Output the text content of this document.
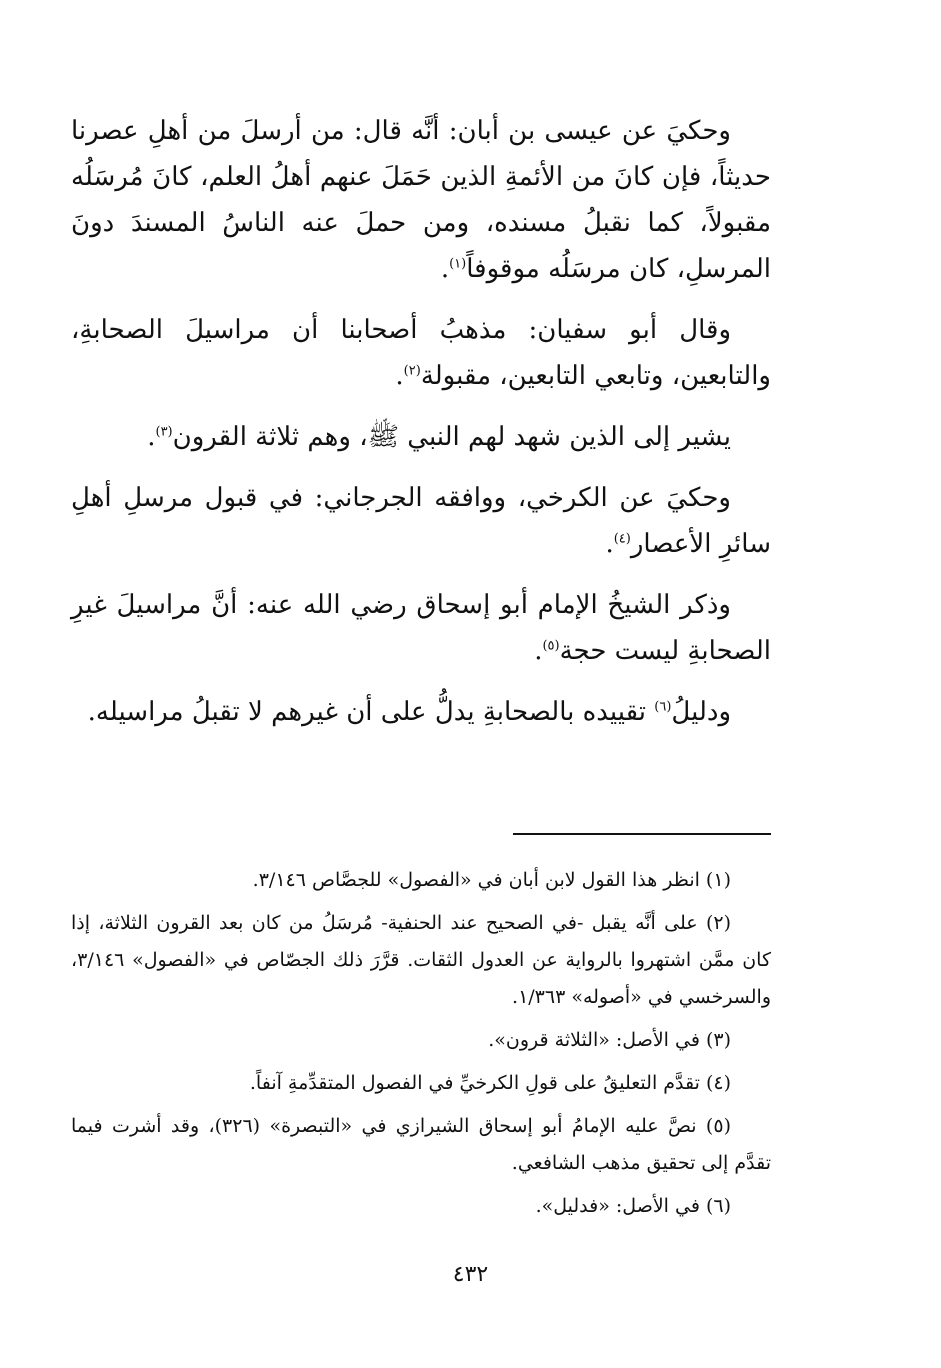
وحكيَ عن عيسى بن أبان: أنَّه قال: من أرسلَ من أهلِ عصرنا حديثاً، فإن كانَ من الأئمةِ الذين حَمَلَ عنهم أهلُ العلم، كانَ مُرسَلُه مقبولاً، كما نقبلُ مسنده، ومن حملَ عنه الناسُ المسندَ دونَ المرسلِ، كان مرسَلُه موقوفاً$^{(١)}$.

وقال أبو سفيان: مذهبُ أصحابنا أن مراسيلَ الصحابةِ، والتابعين، وتابعي التابعين، مقبولة$^{(٢)}$.

يشير إلى الذين شهد لهم النبي ﷺ، وهم ثلاثة القرون$^{(٣)}$.

وحكيَ عن الكرخي، ووافقه الجرجاني: في قبول مرسلِ أهلِ سائرِ الأعصار$^{(٤)}$.

وذكر الشيخُ الإمام أبو إسحاق رضي الله عنه: أنَّ مراسيلَ غيرِ الصحابةِ ليست حجة$^{(٥)}$.

ودليلُ$^{(٦)}$ تقييده بالصحابةِ يدلُّ على أن غيرهم لا تقبلُ مراسيله.

(١) انظر هذا القول لابن أبان في «الفصول» للجصَّاص ٣/١٤٦.

(٢) على أنَّه يقبل -في الصحيح عند الحنفية- مُرسَلُ من كان بعد القرون الثلاثة، إذا كان ممَّن اشتهروا بالرواية عن العدول الثقات. قرَّرَ ذلك الجصّاص في «الفصول» ٣/١٤٦، والسرخسي في «أصوله» ١/٣٦٣.

(٣) في الأصل: «الثلاثة قرون».

(٤) تقدَّم التعليقُ على قولِ الكرخيِّ في الفصول المتقدِّمةِ آنفاً.

(٥) نصَّ عليه الإمامُ أبو إسحاق الشيرازي في «التبصرة» (٣٢٦)، وقد أشرت فيما تقدَّم إلى تحقيق مذهب الشافعي.

(٦) في الأصل: «فدليل».

٤٣٢
